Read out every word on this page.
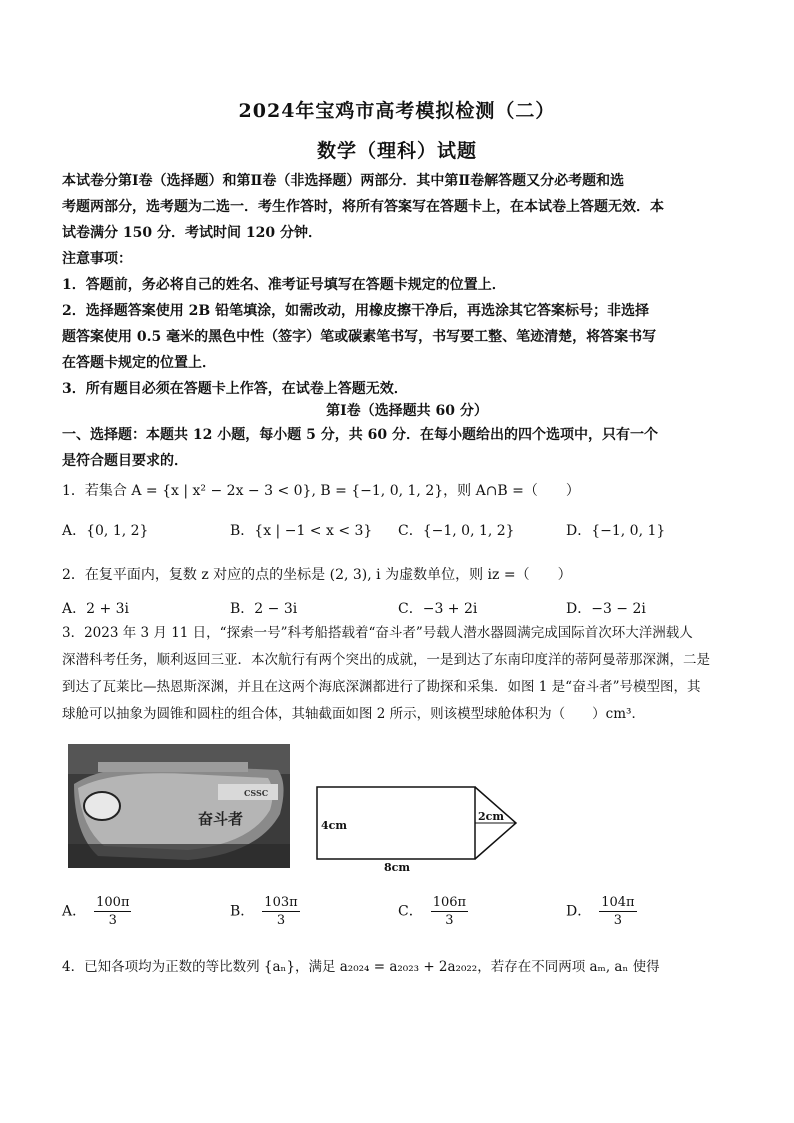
2024年宝鸡市高考模拟检测（二）
数学（理科）试题

本试卷分第Ⅰ卷（选择题）和第Ⅱ卷（非选择题）两部分．其中第Ⅱ卷解答题又分必考题和选

考题两部分，选考题为二选一．考生作答时，将所有答案写在答题卡上，在本试卷上答题无效．本

试卷满分 150 分．考试时间 120 分钟．

注意事项：

1．答题前，务必将自己的姓名、准考证号填写在答题卡规定的位置上．

2．选择题答案使用 2B 铅笔填涂，如需改动，用橡皮擦干净后，再选涂其它答案标号；非选择

题答案使用 0.5 毫米的黑色中性（签字）笔或碳素笔书写，书写要工整、笔迹清楚，将答案书写

在答题卡规定的位置上．

3．所有题目必须在答题卡上作答，在试卷上答题无效．

第Ⅰ卷（选择题共 60 分）

一、选择题：本题共 12 小题，每小题 5 分，共 60 分．在每小题给出的四个选项中，只有一个

是符合题目要求的．

1．若集合 A = {x | x² − 2x − 3 < 0}, B = {−1, 0, 1, 2}，则 A∩B =（　　）
A．{0, 1, 2}	B．{x | −1 < x < 3} C．{−1, 0, 1, 2}	D．{−1, 0, 1}
2．在复平面内，复数 z 对应的点的坐标是 (2, 3), i 为虚数单位，则 iz =（　　）
A．2 + 3i	B．2 − 3i	C．−3 + 2i	D．−3 − 2i

3．2023 年 3 月 11 日，“探索一号”科考船搭载着“奋斗者”号载人潜水器圆满完成国际首次环大洋洲载人

深潜科考任务，顺利返回三亚．本次航行有两个突出的成就，一是到达了东南印度洋的蒂阿曼蒂那深渊，二是

到达了瓦莱比—热恩斯深渊，并且在这两个海底深渊都进行了勘探和采集．如图 1 是“奋斗者”号模型图，其

球舱可以抽象为圆锥和圆柱的组合体，其轴截面如图 2 所示，则该模型球舱体积为（　　）cm³．

奋斗者
CSSC
4cm
2cm
8cm
A． $\frac{100\pi}{3}$	B． $\frac{103\pi}{3}$	C． $\frac{106\pi}{3}$	D． $\frac{104\pi}{3}$
4．已知各项均为正数的等比数列 {aₙ}，满足 a₂₀₂₄ = a₂₀₂₃ + 2a₂₀₂₂，若存在不同两项 aₘ, aₙ 使得
